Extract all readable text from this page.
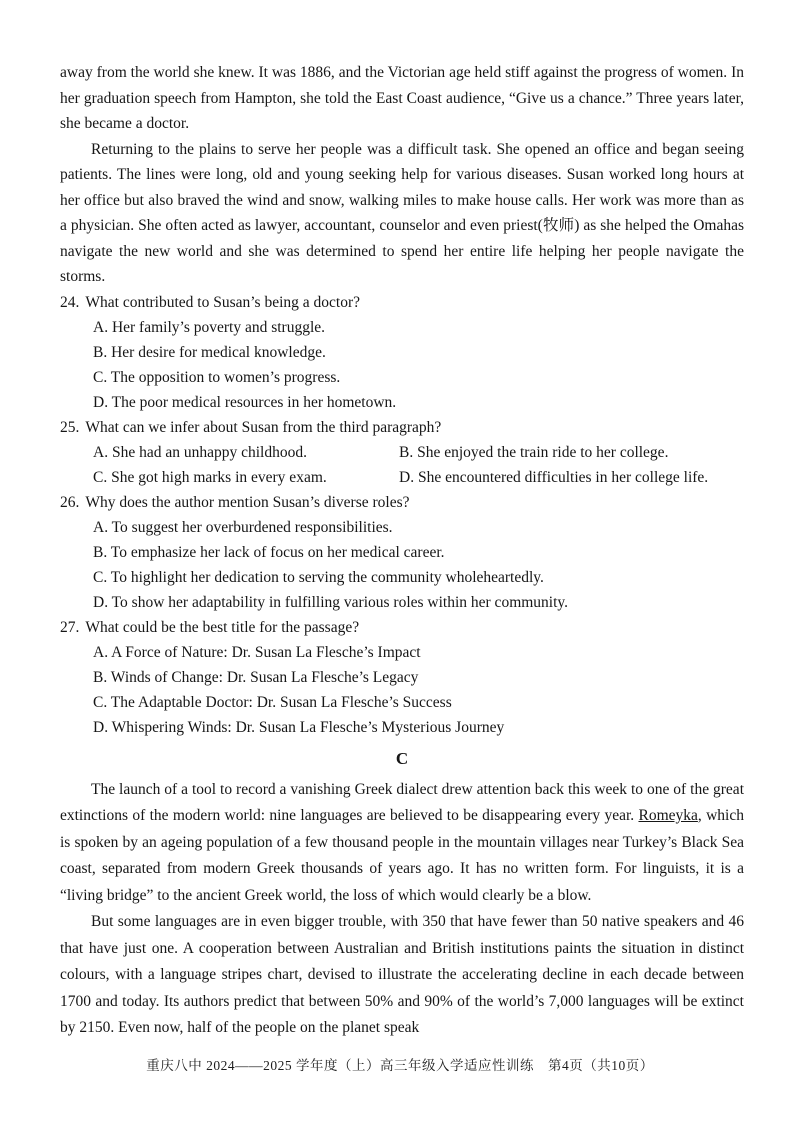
away from the world she knew. It was 1886, and the Victorian age held stiff against the progress of women. In her graduation speech from Hampton, she told the East Coast audience, “Give us a chance.” Three years later, she became a doctor.

Returning to the plains to serve her people was a difficult task. She opened an office and began seeing patients. The lines were long, old and young seeking help for various diseases. Susan worked long hours at her office but also braved the wind and snow, walking miles to make house calls. Her work was more than as a physician. She often acted as lawyer, accountant, counselor and even priest(牧师) as she helped the Omahas navigate the new world and she was determined to spend her entire life helping her people navigate the storms.

24. What contributed to Susan’s being a doctor?
A. Her family’s poverty and struggle.
B. Her desire for medical knowledge.
C. The opposition to women’s progress.
D. The poor medical resources in her hometown.
25. What can we infer about Susan from the third paragraph?
A. She had an unhappy childhood.	B. She enjoyed the train ride to her college.
C. She got high marks in every exam.	D. She encountered difficulties in her college life.
26. Why does the author mention Susan’s diverse roles?
A. To suggest her overburdened responsibilities.
B. To emphasize her lack of focus on her medical career.
C. To highlight her dedication to serving the community wholeheartedly.
D. To show her adaptability in fulfilling various roles within her community.
27. What could be the best title for the passage?
A. A Force of Nature: Dr. Susan La Flesche’s Impact
B. Winds of Change: Dr. Susan La Flesche’s Legacy
C. The Adaptable Doctor: Dr. Susan La Flesche’s Success
D. Whispering Winds: Dr. Susan La Flesche’s Mysterious Journey
C

The launch of a tool to record a vanishing Greek dialect drew attention back this week to one of the great extinctions of the modern world: nine languages are believed to be disappearing every year. Romeyka, which is spoken by an ageing population of a few thousand people in the mountain villages near Turkey’s Black Sea coast, separated from modern Greek thousands of years ago. It has no written form. For linguists, it is a “living bridge” to the ancient Greek world, the loss of which would clearly be a blow.

But some languages are in even bigger trouble, with 350 that have fewer than 50 native speakers and 46 that have just one. A cooperation between Australian and British institutions paints the situation in distinct colours, with a language stripes chart, devised to illustrate the accelerating decline in each decade between 1700 and today. Its authors predict that between 50% and 90% of the world’s 7,000 languages will be extinct by 2150. Even now, half of the people on the planet speak

重庆八中 2024——2025 学年度（上）高三年级入学适应性训练　第4页（共10页）
